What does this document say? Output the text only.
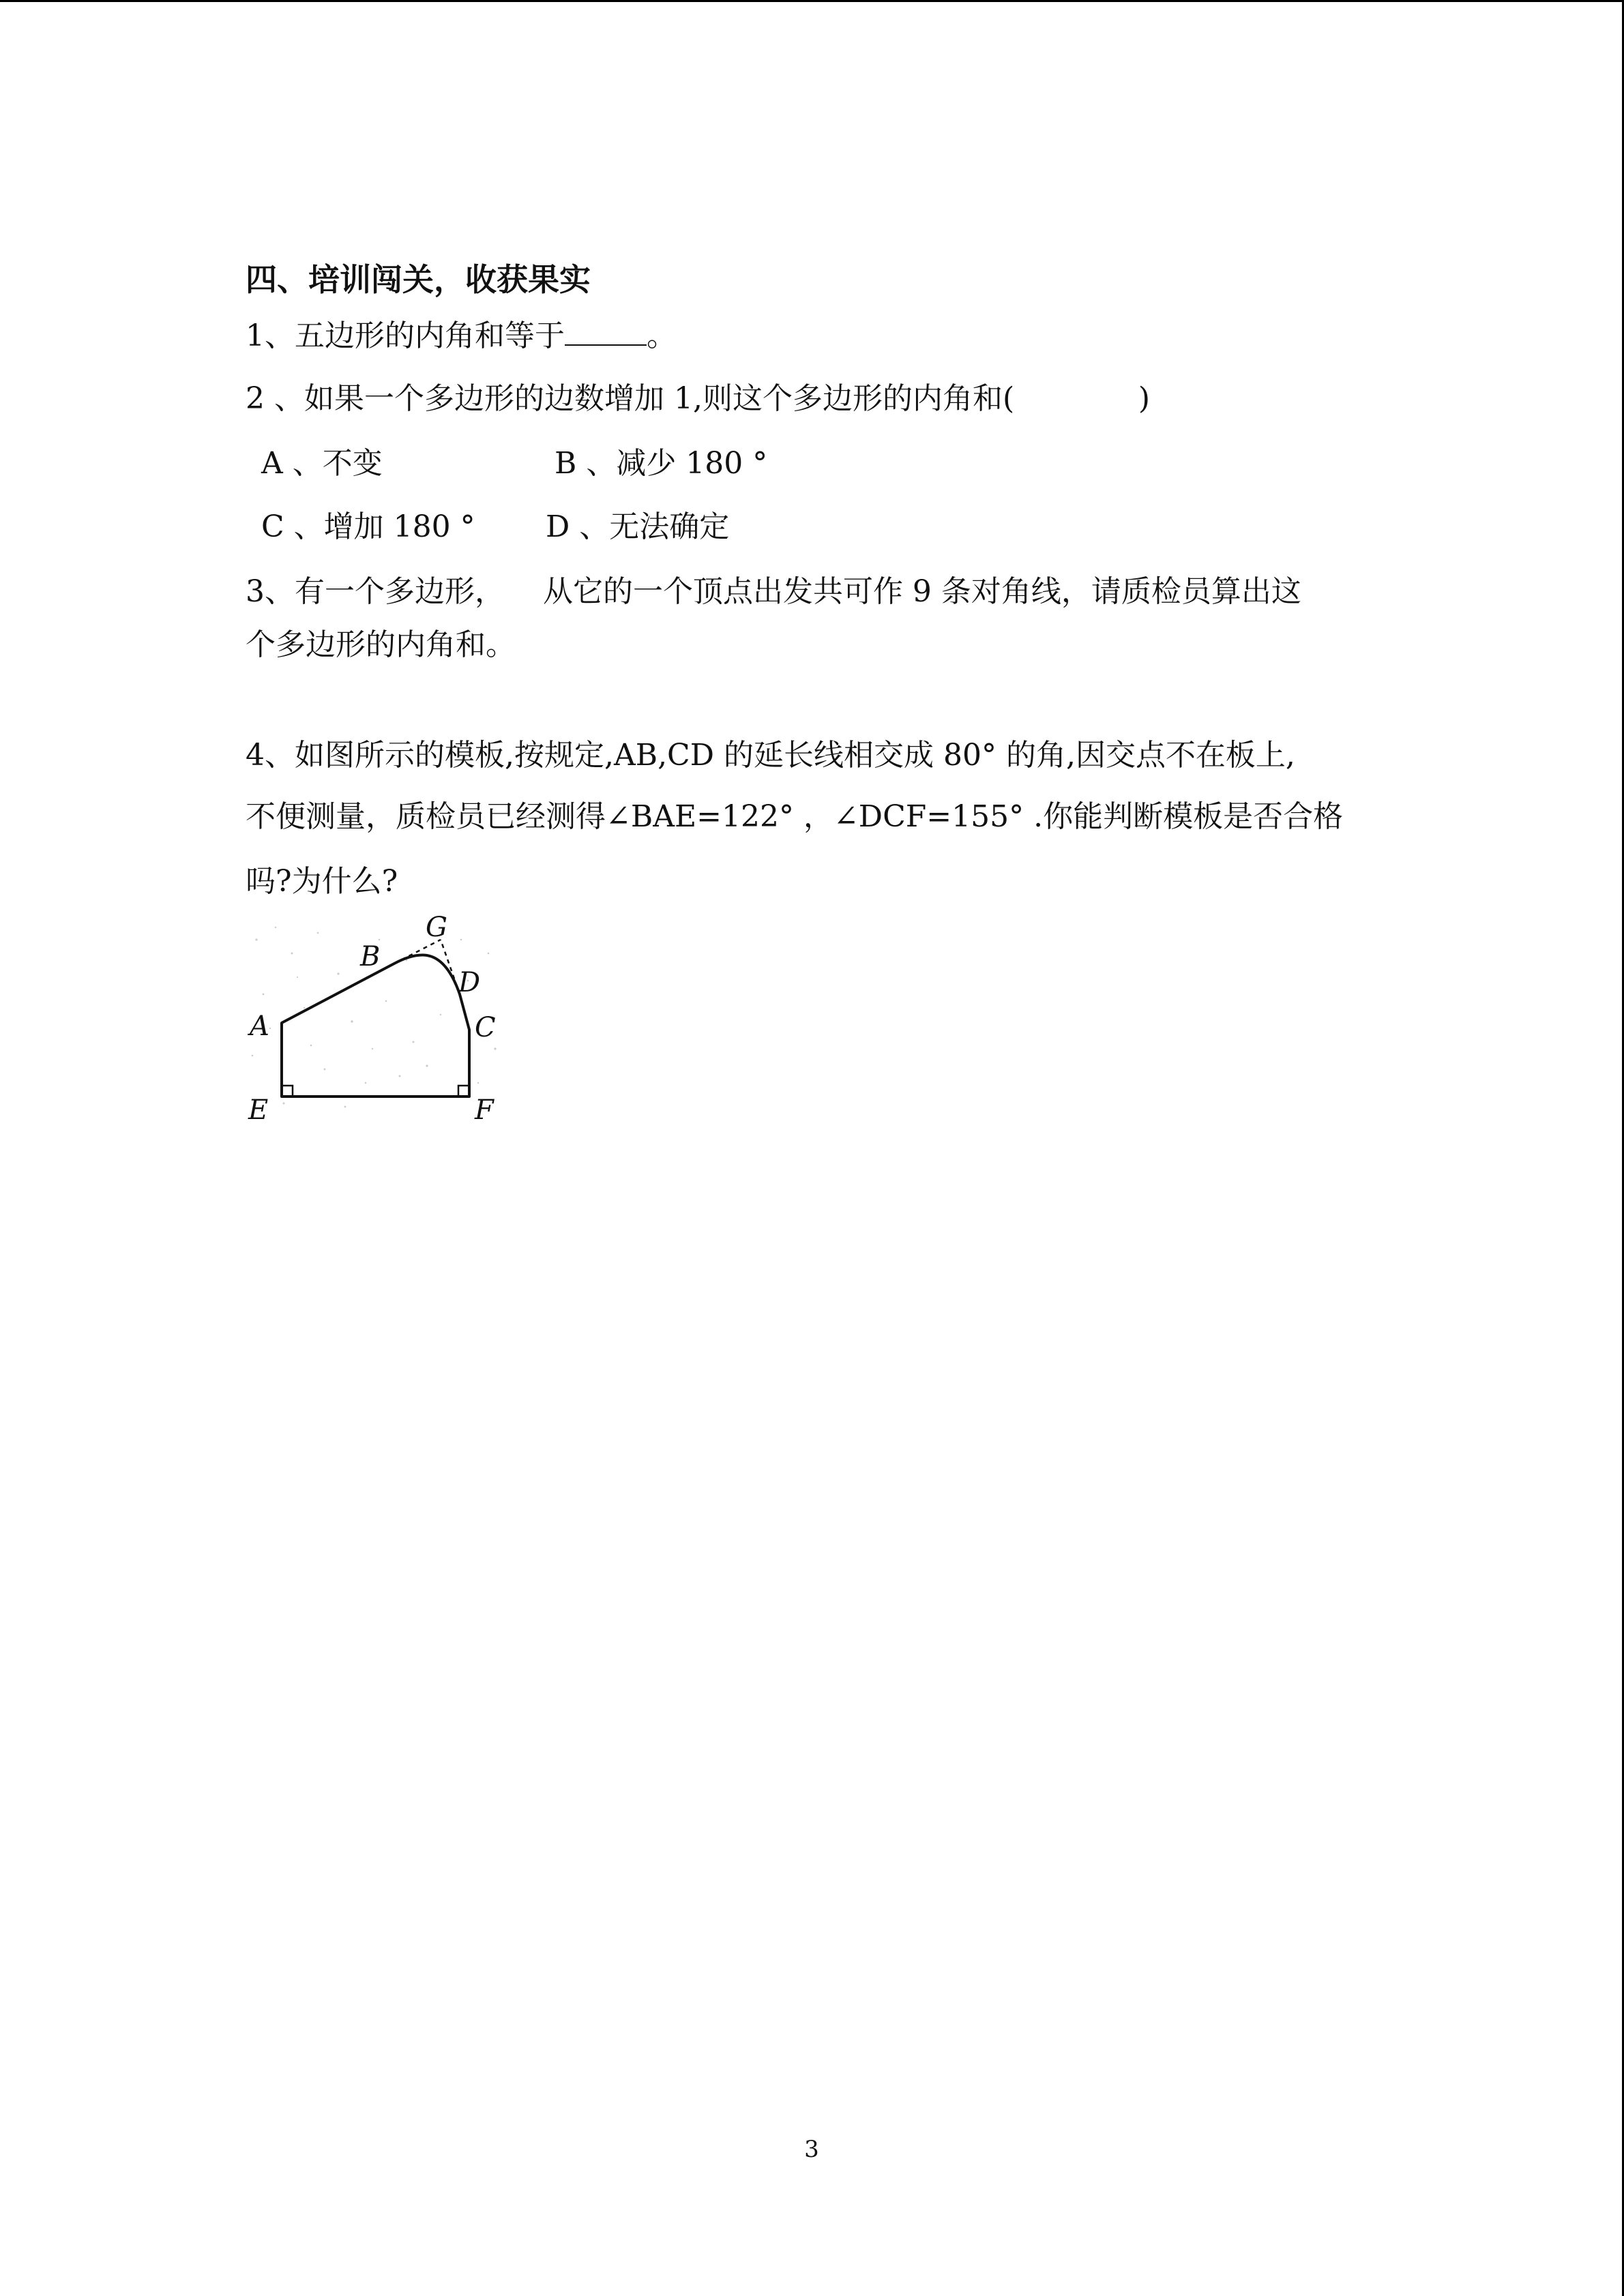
四、培训闯关，收获果实
1、五边形的内角和等于	。
2 、如果一个多边形的边数增加 1,则这个多边形的内角和(             )
A 、不变	B 、减少 180 °
C 、增加 180 ° D 、无法确定
3、有一个多边形，    从它的一个顶点出发共可作 9 条对角线，请质检员算出这
个多边形的内角和。
4、如图所示的模板,按规定,AB,CD 的延长线相交成 80° 的角,因交点不在板上,
不便测量，质检员已经测得∠BAE=122° ，∠DCF=155° .你能判断模板是否合格
吗?为什么?
G
B
D
A	C
E	F
3
